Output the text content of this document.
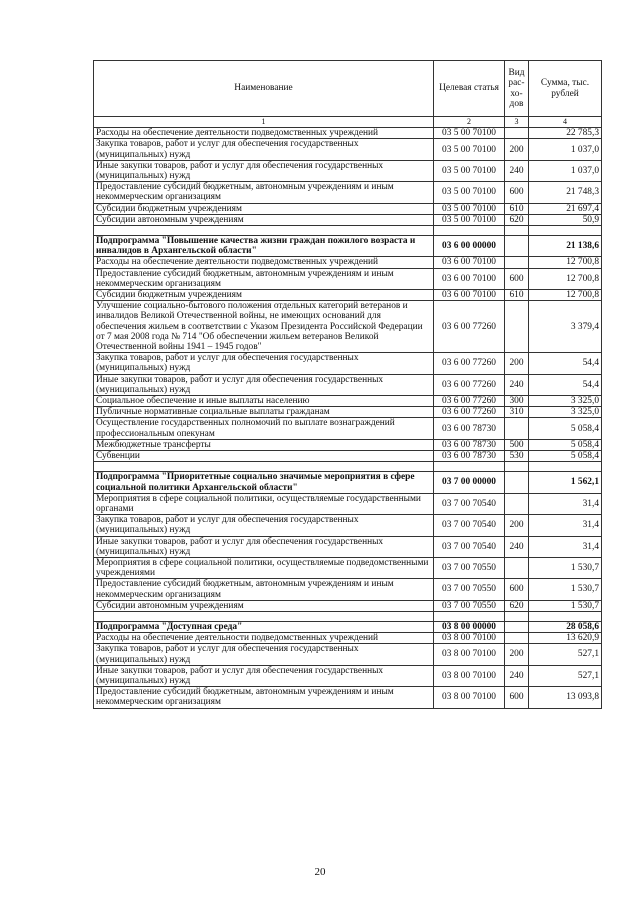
Наименование	Целевая статья	Вид рас-хо-дов	Сумма, тыс. рублей
1	2	3	4
Расходы на обеспечение деятельности подведомственных учреждений	03 5 00 70100		22 785,3
Закупка товаров, работ и услуг для обеспечения государственных (муниципальных) нужд	03 5 00 70100	200	1 037,0
Иные закупки товаров, работ и услуг для обеспечения государственных (муниципальных) нужд	03 5 00 70100	240	1 037,0
Предоставление субсидий бюджетным, автономным учреждениям и иным некоммерческим организациям	03 5 00 70100	600	21 748,3
Субсидии бюджетным учреждениям	03 5 00 70100	610	21 697,4
Субсидии автономным учреждениям	03 5 00 70100	620	50,9

Подпрограмма "Повышение качества жизни граждан пожилого возраста и инвалидов в Архангельской области"	03 6 00 00000		21 138,6
Расходы на обеспечение деятельности подведомственных учреждений	03 6 00 70100		12 700,8
Предоставление субсидий бюджетным, автономным учреждениям и иным некоммерческим организациям	03 6 00 70100	600	12 700,8
Субсидии бюджетным учреждениям	03 6 00 70100	610	12 700,8
Улучшение социально-бытового положения отдельных категорий ветеранов и инвалидов Великой Отечественной войны, не имеющих оснований для обеспечения жильем в соответствии с Указом Президента Российской Федерации от 7 мая 2008 года № 714 "Об обеспечении жильем ветеранов Великой Отечественной войны 1941 – 1945 годов"	03 6 00 77260		3 379,4
Закупка товаров, работ и услуг для обеспечения государственных (муниципальных) нужд	03 6 00 77260	200	54,4
Иные закупки товаров, работ и услуг для обеспечения государственных (муниципальных) нужд	03 6 00 77260	240	54,4
Социальное обеспечение и иные выплаты населению	03 6 00 77260	300	3 325,0
Публичные нормативные социальные выплаты гражданам	03 6 00 77260	310	3 325,0
Осуществление государственных полномочий по выплате вознаграждений профессиональным опекунам	03 6 00 78730		5 058,4
Межбюджетные трансферты	03 6 00 78730	500	5 058,4
Субвенции	03 6 00 78730	530	5 058,4

Подпрограмма "Приоритетные социально значимые мероприятия в сфере социальной политики Архангельской области"	03 7 00 00000		1 562,1
Мероприятия в сфере социальной политики, осуществляемые государственными органами	03 7 00 70540		31,4
Закупка товаров, работ и услуг для обеспечения государственных (муниципальных) нужд	03 7 00 70540	200	31,4
Иные закупки товаров, работ и услуг для обеспечения государственных (муниципальных) нужд	03 7 00 70540	240	31,4
Мероприятия в сфере социальной политики, осуществляемые подведомственными учреждениями	03 7 00 70550		1 530,7
Предоставление субсидий бюджетным, автономным учреждениям и иным некоммерческим организациям	03 7 00 70550	600	1 530,7
Субсидии автономным учреждениям	03 7 00 70550	620	1 530,7

Подпрограмма "Доступная среда"	03 8 00 00000		28 058,6
Расходы на обеспечение деятельности подведомственных учреждений	03 8 00 70100		13 620,9
Закупка товаров, работ и услуг для обеспечения государственных (муниципальных) нужд	03 8 00 70100	200	527,1
Иные закупки товаров, работ и услуг для обеспечения государственных (муниципальных) нужд	03 8 00 70100	240	527,1
Предоставление субсидий бюджетным, автономным учреждениям и иным некоммерческим организациям	03 8 00 70100	600	13 093,8
20
